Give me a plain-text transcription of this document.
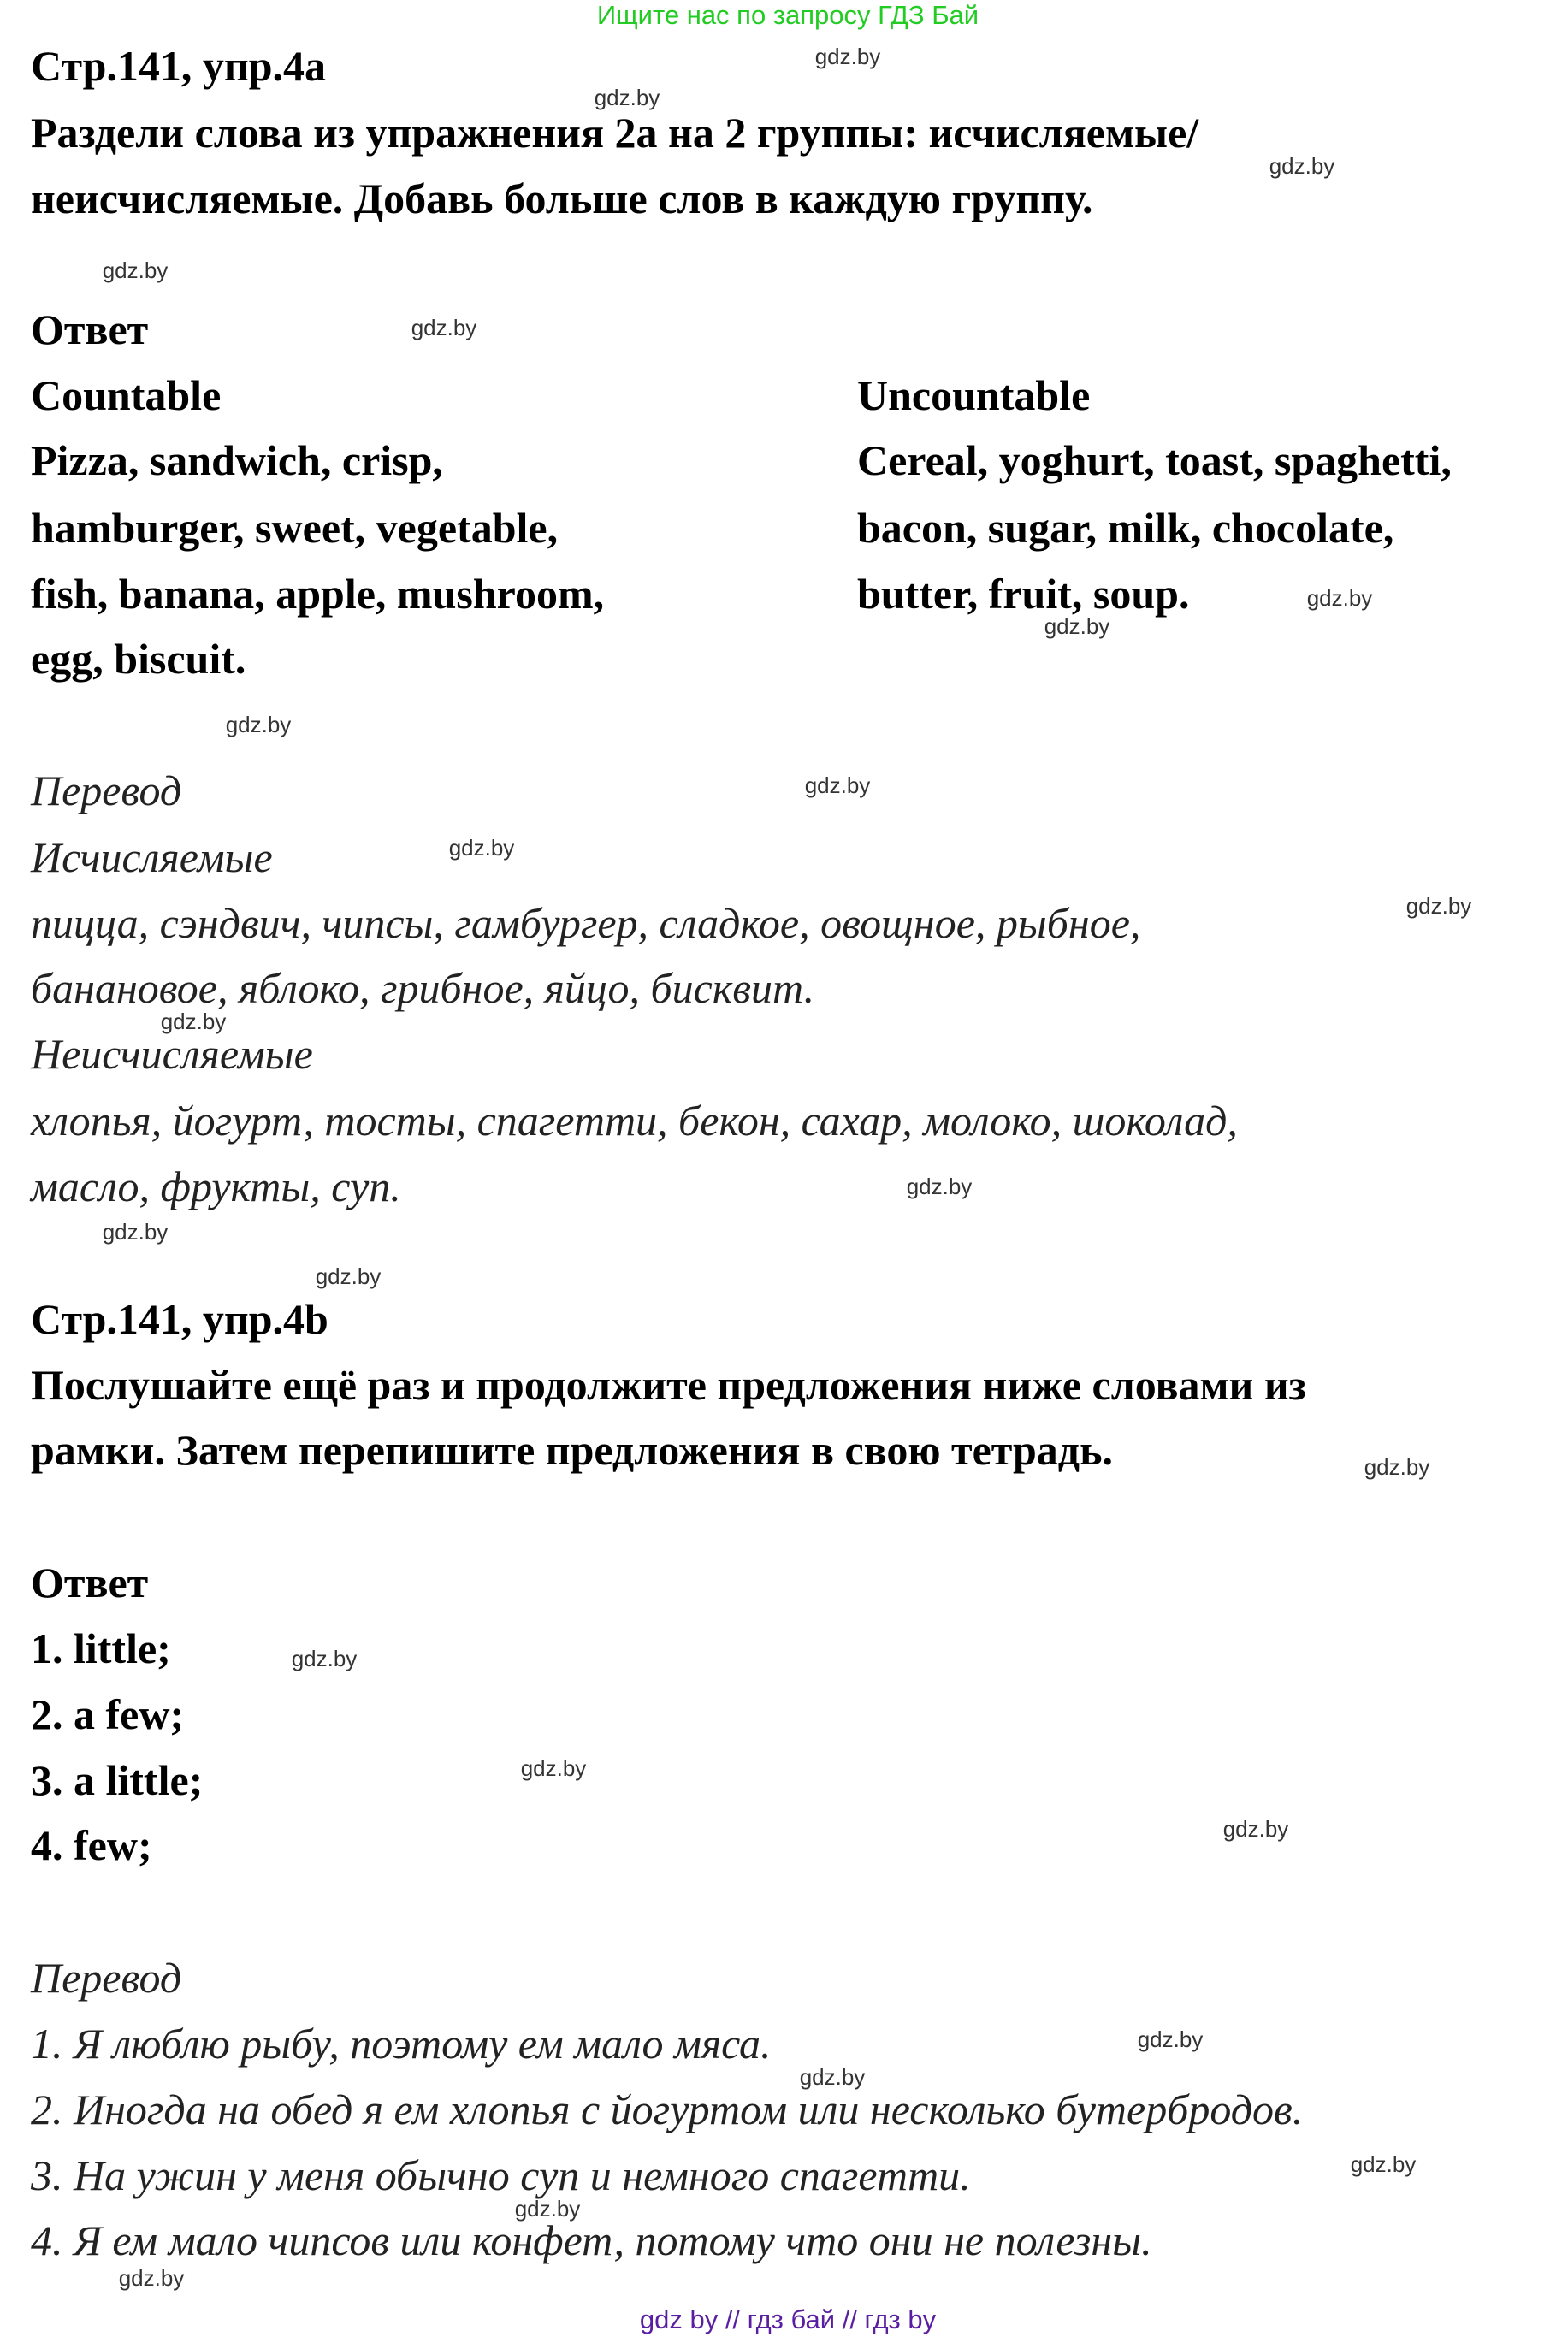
Ищите нас по запросу ГДЗ Бай
Стр.141, упр.4a
Раздели слова из упражнения 2a на 2 группы: исчисляемые/
неисчисляемые. Добавь больше слов в каждую группу.
Ответ
Countable
Pizza, sandwich, crisp,
hamburger, sweet, vegetable,
fish, banana, apple, mushroom,
egg, biscuit.
Uncountable
Cereal, yoghurt, toast, spaghetti,
bacon, sugar, milk, chocolate,
butter, fruit, soup.
Перевод
Исчисляемые
пицца, сэндвич, чипсы, гамбургер, сладкое, овощное, рыбное,
банановое, яблоко, грибное, яйцо, бисквит.
Неисчисляемые
хлопья, йогурт, тосты, спагетти, бекон, сахар, молоко, шоколад,
масло, фрукты, суп.
Стр.141, упр.4b
Послушайте ещё раз и продолжите предложения ниже словами из
рамки. Затем перепишите предложения в свою тетрадь.
Ответ
1. little;
2. a few;
3. a little;
4. few;
Перевод
1. Я люблю рыбу, поэтому ем мало мяса.
2. Иногда на обед я ем хлопья с йогуртом или несколько бутербродов.
3. На ужин у меня обычно суп и немного спагетти.
4. Я ем мало чипсов или конфет, потому что они не полезны.
gdz by // гдз бай // гдз by
gdz.by
gdz.by
gdz.by
gdz.by
gdz.by
gdz.by
gdz.by
gdz.by
gdz.by
gdz.by
gdz.by
gdz.by
gdz.by
gdz.by
gdz.by
gdz.by
gdz.by
gdz.by
gdz.by
gdz.by
gdz.by
gdz.by
gdz.by
gdz.by
